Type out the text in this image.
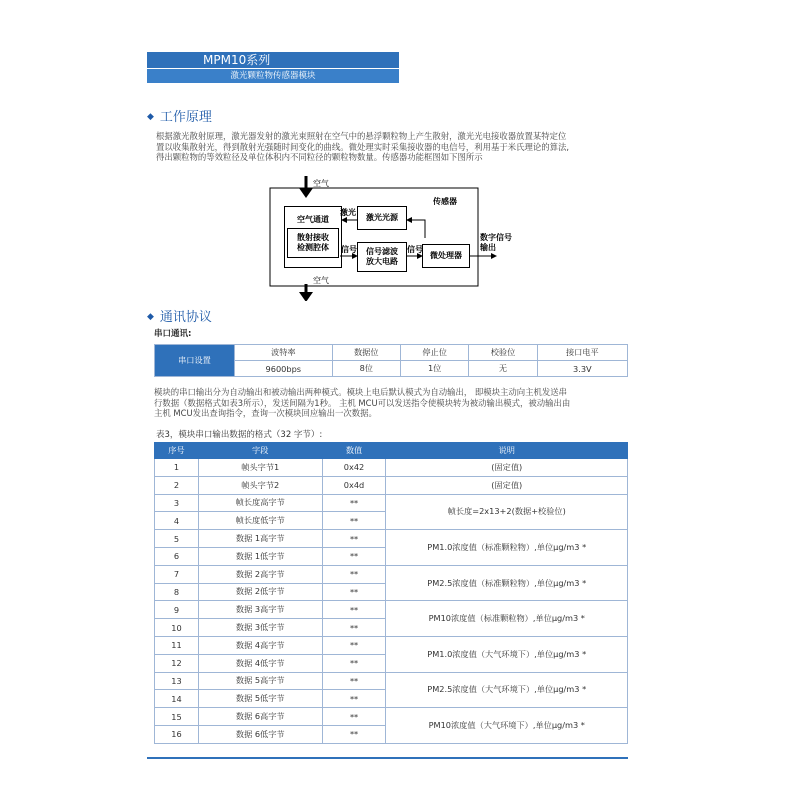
MPM10系列
激光颗粒物传感器模块
◆ 工作原理
根据激光散射原理，激光器发射的激光束照射在空气中的悬浮颗粒物上产生散射，激光光电接收器放置某特定位
置以收集散射光，得到散射光强随时间变化的曲线。微处理实时采集接收器的电信号，利用基于米氏理论的算法,
得出颗粒物的等效粒径及单位体积内不同粒径的颗粒物数量。传感器功能框图如下图所示
空气
传感器
空气通道
散射接收
检测腔体
激光
激光光源
信号	信号滤波
放大电路
信号
微处理器
数字信号
输出
空气
◆ 通讯协议
串口通讯:
串口设置	波特率	数据位	停止位	校验位	接口电平
	9600bps	8位	1位	无	3.3V
模块的串口输出分为自动输出和被动输出两种模式。模块上电后默认模式为自动输出， 即模块主动向主机发送串
行数据（数据格式如表3所示），发送间隔为1秒。 主机 MCU可以发送指令使模块转为被动输出模式，被动输出由
主机 MCU发出查询指令，查询一次模块回应输出一次数据。
表3，模块串口输出数据的格式（32 字节）:
序号	字段	数值	说明
1	帧头字节1	0x42	(固定值)
2	帧头字节2	0x4d	(固定值)
3	帧长度高字节	**	帧长度=2x13+2(数据+校验位)
4	帧长度低字节	**	
5	数据 1高字节	**	PM1.0浓度值（标准颗粒物）,单位μg/m3 *
6	数据 1低字节	**	
7	数据 2高字节	**	PM2.5浓度值（标准颗粒物）,单位μg/m3 *
8	数据 2低字节	**	
9	数据 3高字节	**	PM10浓度值（标准颗粒物）,单位μg/m3 *
10	数据 3低字节	**	
11	数据 4高字节	**	PM1.0浓度值（大气环境下）,单位μg/m3 *
12	数据 4低字节	**	
13	数据 5高字节	**	PM2.5浓度值（大气环境下）,单位μg/m3 *
14	数据 5低字节	**	
15	数据 6高字节	**	PM10浓度值（大气环境下）,单位μg/m3 *
16	数据 6低字节	**	
